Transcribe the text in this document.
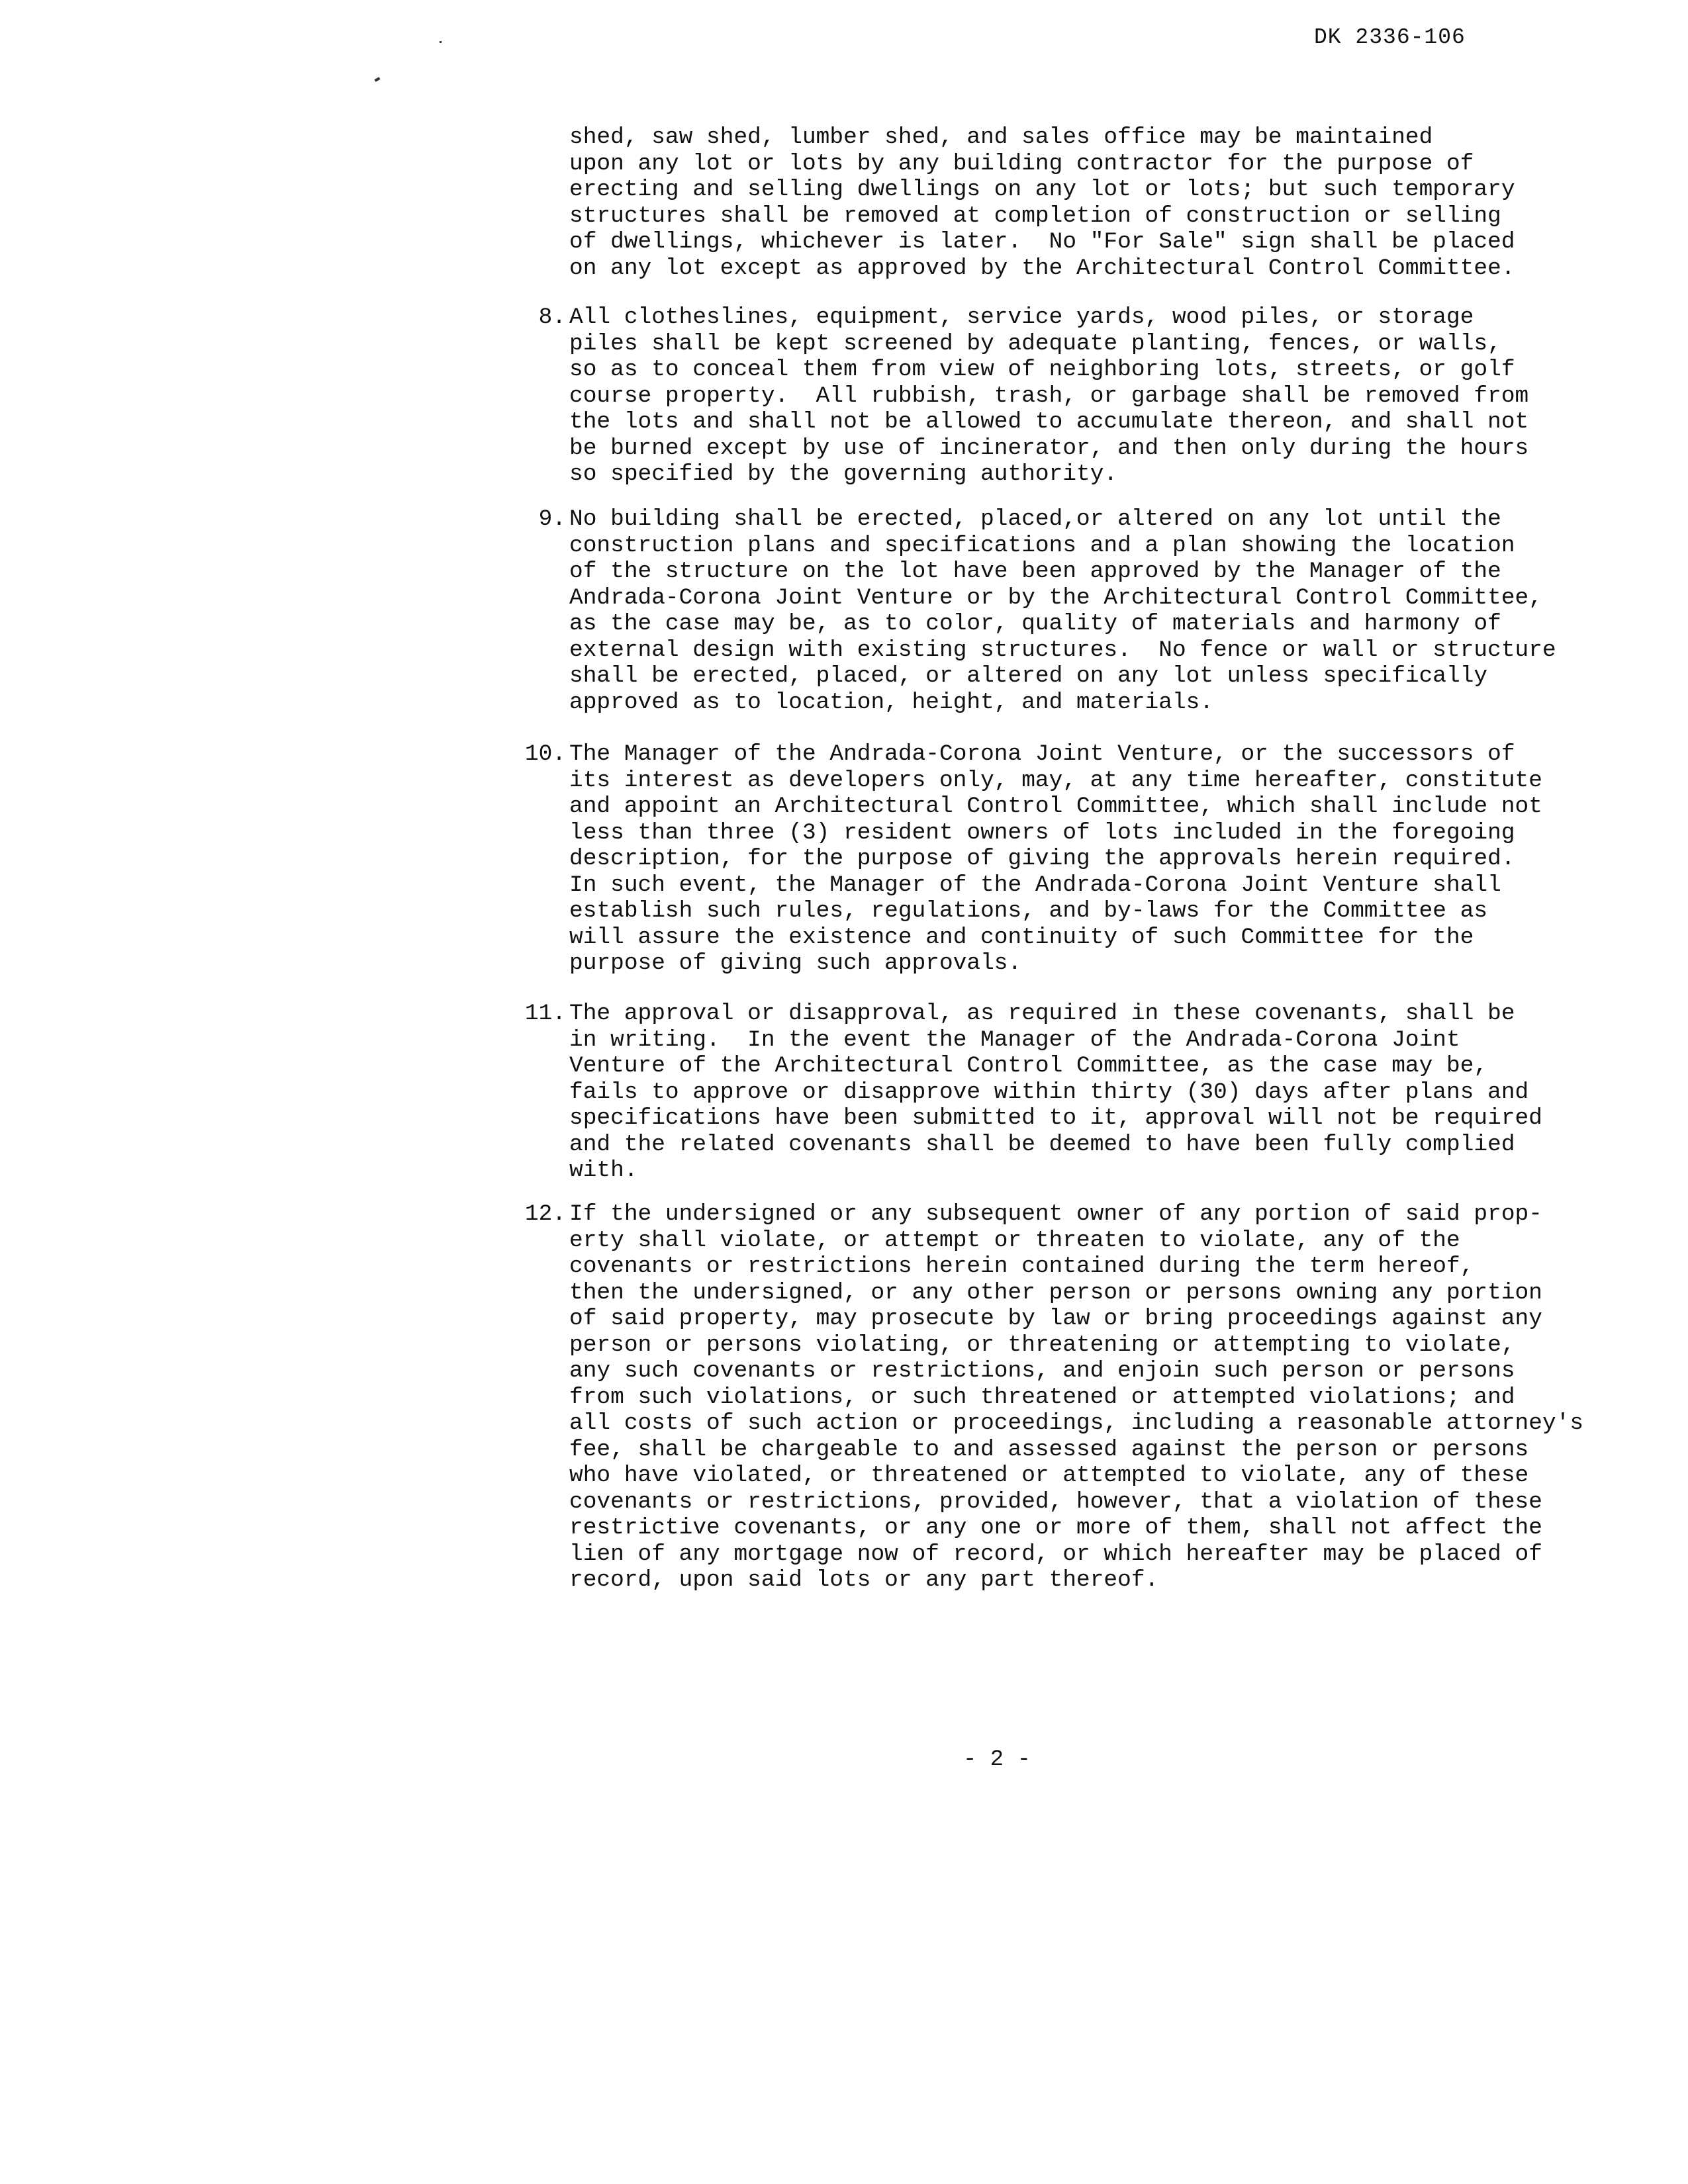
DK 2336-106
shed, saw shed, lumber shed, and sales office may be maintained
upon any lot or lots by any building contractor for the purpose of
erecting and selling dwellings on any lot or lots; but such temporary
structures shall be removed at completion of construction or selling
of dwellings, whichever is later.  No "For Sale" sign shall be placed
on any lot except as approved by the Architectural Control Committee.
8. All clotheslines, equipment, service yards, wood piles, or storage
piles shall be kept screened by adequate planting, fences, or walls,
so as to conceal them from view of neighboring lots, streets, or golf
course property.  All rubbish, trash, or garbage shall be removed from
the lots and shall not be allowed to accumulate thereon, and shall not
be burned except by use of incinerator, and then only during the hours
so specified by the governing authority.
9. No building shall be erected, placed,or altered on any lot until the
construction plans and specifications and a plan showing the location
of the structure on the lot have been approved by the Manager of the
Andrada-Corona Joint Venture or by the Architectural Control Committee,
as the case may be, as to color, quality of materials and harmony of
external design with existing structures.  No fence or wall or structure
shall be erected, placed, or altered on any lot unless specifically
approved as to location, height, and materials.
10. The Manager of the Andrada-Corona Joint Venture, or the successors of
its interest as developers only, may, at any time hereafter, constitute
and appoint an Architectural Control Committee, which shall include not
less than three (3) resident owners of lots included in the foregoing
description, for the purpose of giving the approvals herein required.
In such event, the Manager of the Andrada-Corona Joint Venture shall
establish such rules, regulations, and by-laws for the Committee as
will assure the existence and continuity of such Committee for the
purpose of giving such approvals.
11. The approval or disapproval, as required in these covenants, shall be
in writing.  In the event the Manager of the Andrada-Corona Joint
Venture of the Architectural Control Committee, as the case may be,
fails to approve or disapprove within thirty (30) days after plans and
specifications have been submitted to it, approval will not be required
and the related covenants shall be deemed to have been fully complied
with.
12. If the undersigned or any subsequent owner of any portion of said prop-
erty shall violate, or attempt or threaten to violate, any of the
covenants or restrictions herein contained during the term hereof,
then the undersigned, or any other person or persons owning any portion
of said property, may prosecute by law or bring proceedings against any
person or persons violating, or threatening or attempting to violate,
any such covenants or restrictions, and enjoin such person or persons
from such violations, or such threatened or attempted violations; and
all costs of such action or proceedings, including a reasonable attorney's
fee, shall be chargeable to and assessed against the person or persons
who have violated, or threatened or attempted to violate, any of these
covenants or restrictions, provided, however, that a violation of these
restrictive covenants, or any one or more of them, shall not affect the
lien of any mortgage now of record, or which hereafter may be placed of
record, upon said lots or any part thereof.
- 2 -
